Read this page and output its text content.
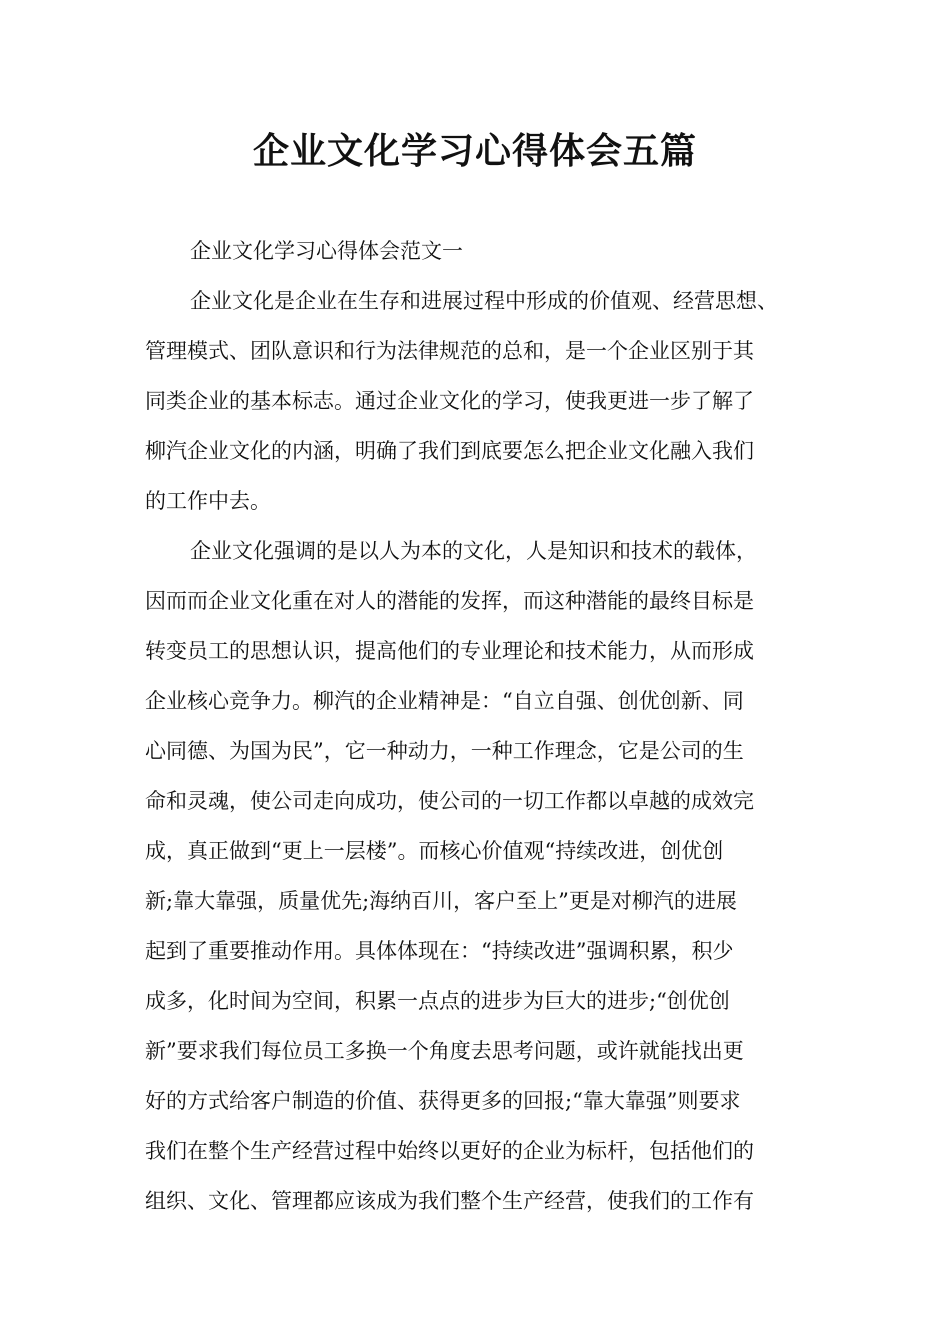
企业文化学习心得体会五篇

企业文化学习心得体会范文一

企业文化是企业在生存和进展过程中形成的价值观、经营思想、

管理模式、团队意识和行为法律规范的总和，是一个企业区别于其

同类企业的基本标志。通过企业文化的学习，使我更进一步了解了

柳汽企业文化的内涵，明确了我们到底要怎么把企业文化融入我们

的工作中去。

企业文化强调的是以人为本的文化，人是知识和技术的载体，

因而而企业文化重在对人的潜能的发挥，而这种潜能的最终目标是

转变员工的思想认识，提高他们的专业理论和技术能力，从而形成

企业核心竞争力。柳汽的企业精神是：“自立自强、创优创新、同

心同德、为国为民”，它一种动力，一种工作理念，它是公司的生

命和灵魂，使公司走向成功，使公司的一切工作都以卓越的成效完

成，真正做到“更上一层楼”。而核心价值观“持续改进，创优创

新;靠大靠强，质量优先;海纳百川，客户至上”更是对柳汽的进展

起到了重要推动作用。具体体现在：“持续改进”强调积累，积少

成多，化时间为空间，积累一点点的进步为巨大的进步;“创优创

新”要求我们每位员工多换一个角度去思考问题，或许就能找出更

好的方式给客户制造的价值、获得更多的回报;“靠大靠强”则要求

我们在整个生产经营过程中始终以更好的企业为标杆，包括他们的

组织、文化、管理都应该成为我们整个生产经营，使我们的工作有
